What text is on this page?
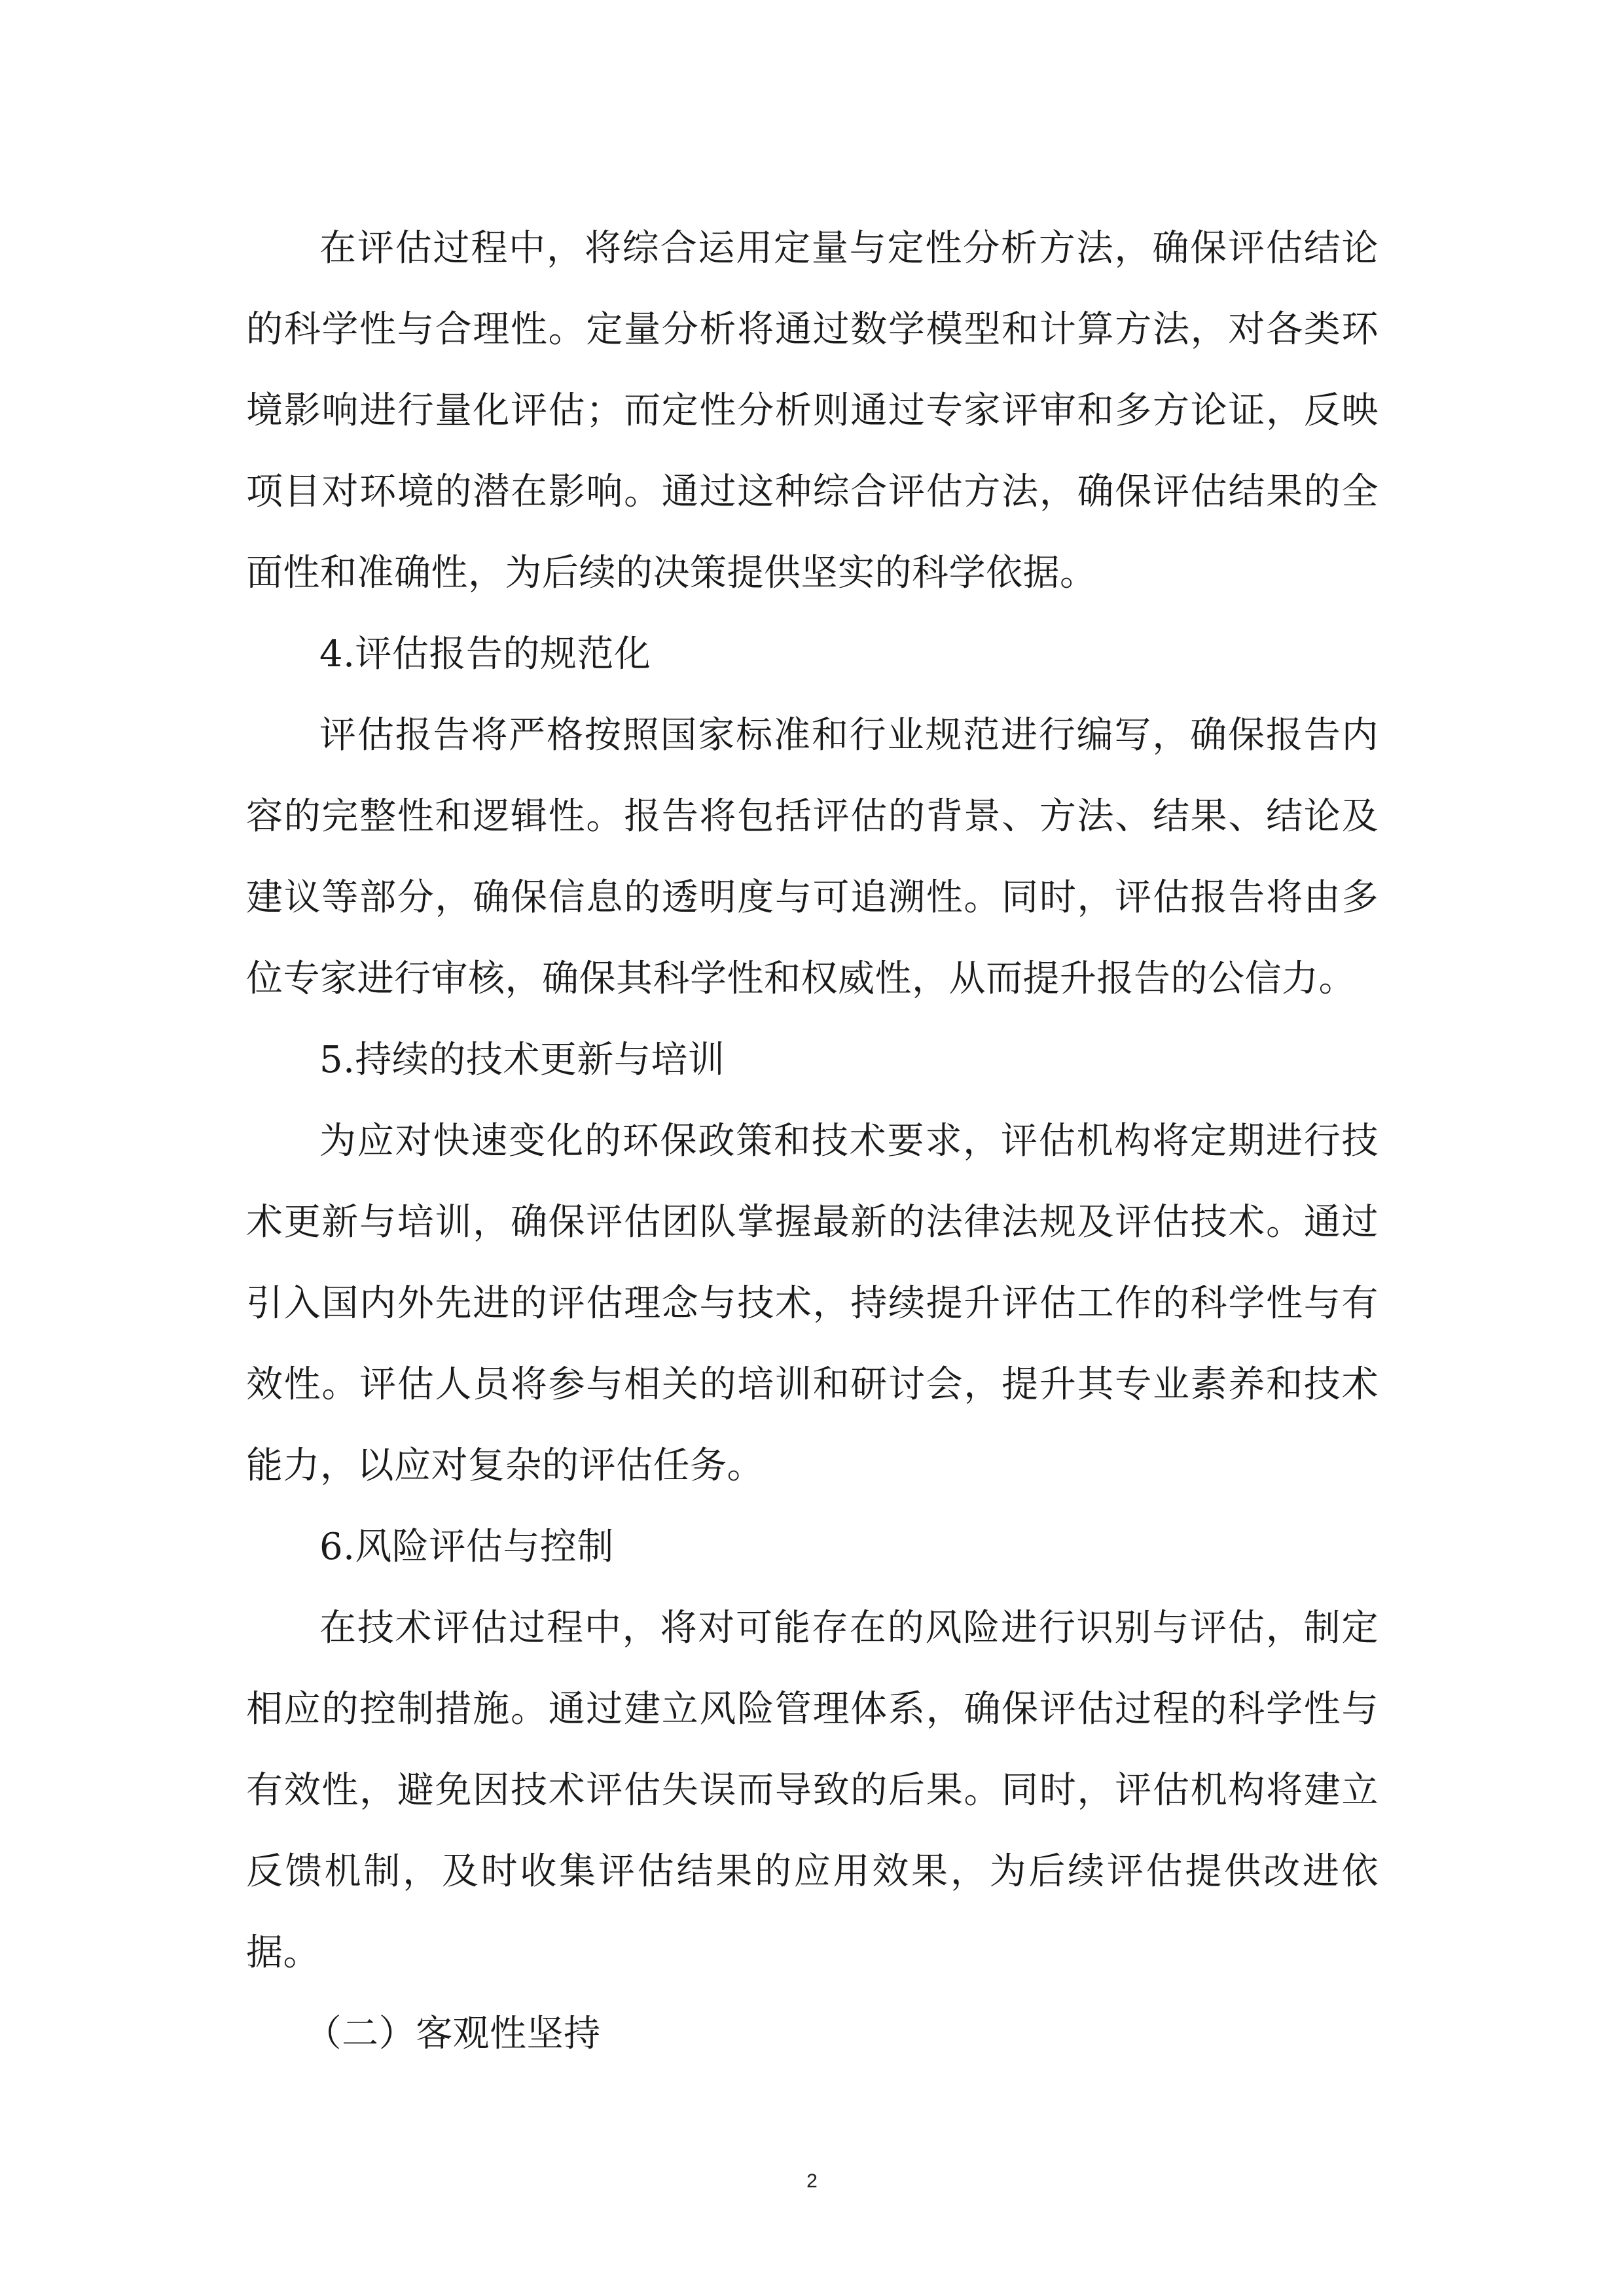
在评估过程中，将综合运用定量与定性分析方法，确保评估结论的科学性与合理性。定量分析将通过数学模型和计算方法，对各类环境影响进行量化评估；而定性分析则通过专家评审和多方论证，反映项目对环境的潜在影响。通过这种综合评估方法，确保评估结果的全面性和准确性，为后续的决策提供坚实的科学依据。

4.评估报告的规范化

评估报告将严格按照国家标准和行业规范进行编写，确保报告内容的完整性和逻辑性。报告将包括评估的背景、方法、结果、结论及建议等部分，确保信息的透明度与可追溯性。同时，评估报告将由多位专家进行审核，确保其科学性和权威性，从而提升报告的公信力。

5.持续的技术更新与培训

为应对快速变化的环保政策和技术要求，评估机构将定期进行技术更新与培训，确保评估团队掌握最新的法律法规及评估技术。通过引入国内外先进的评估理念与技术，持续提升评估工作的科学性与有效性。评估人员将参与相关的培训和研讨会，提升其专业素养和技术能力，以应对复杂的评估任务。

6.风险评估与控制

在技术评估过程中，将对可能存在的风险进行识别与评估，制定相应的控制措施。通过建立风险管理体系，确保评估过程的科学性与有效性，避免因技术评估失误而导致的后果。同时，评估机构将建立反馈机制，及时收集评估结果的应用效果，为后续评估提供改进依据。

（二）客观性坚持

2
